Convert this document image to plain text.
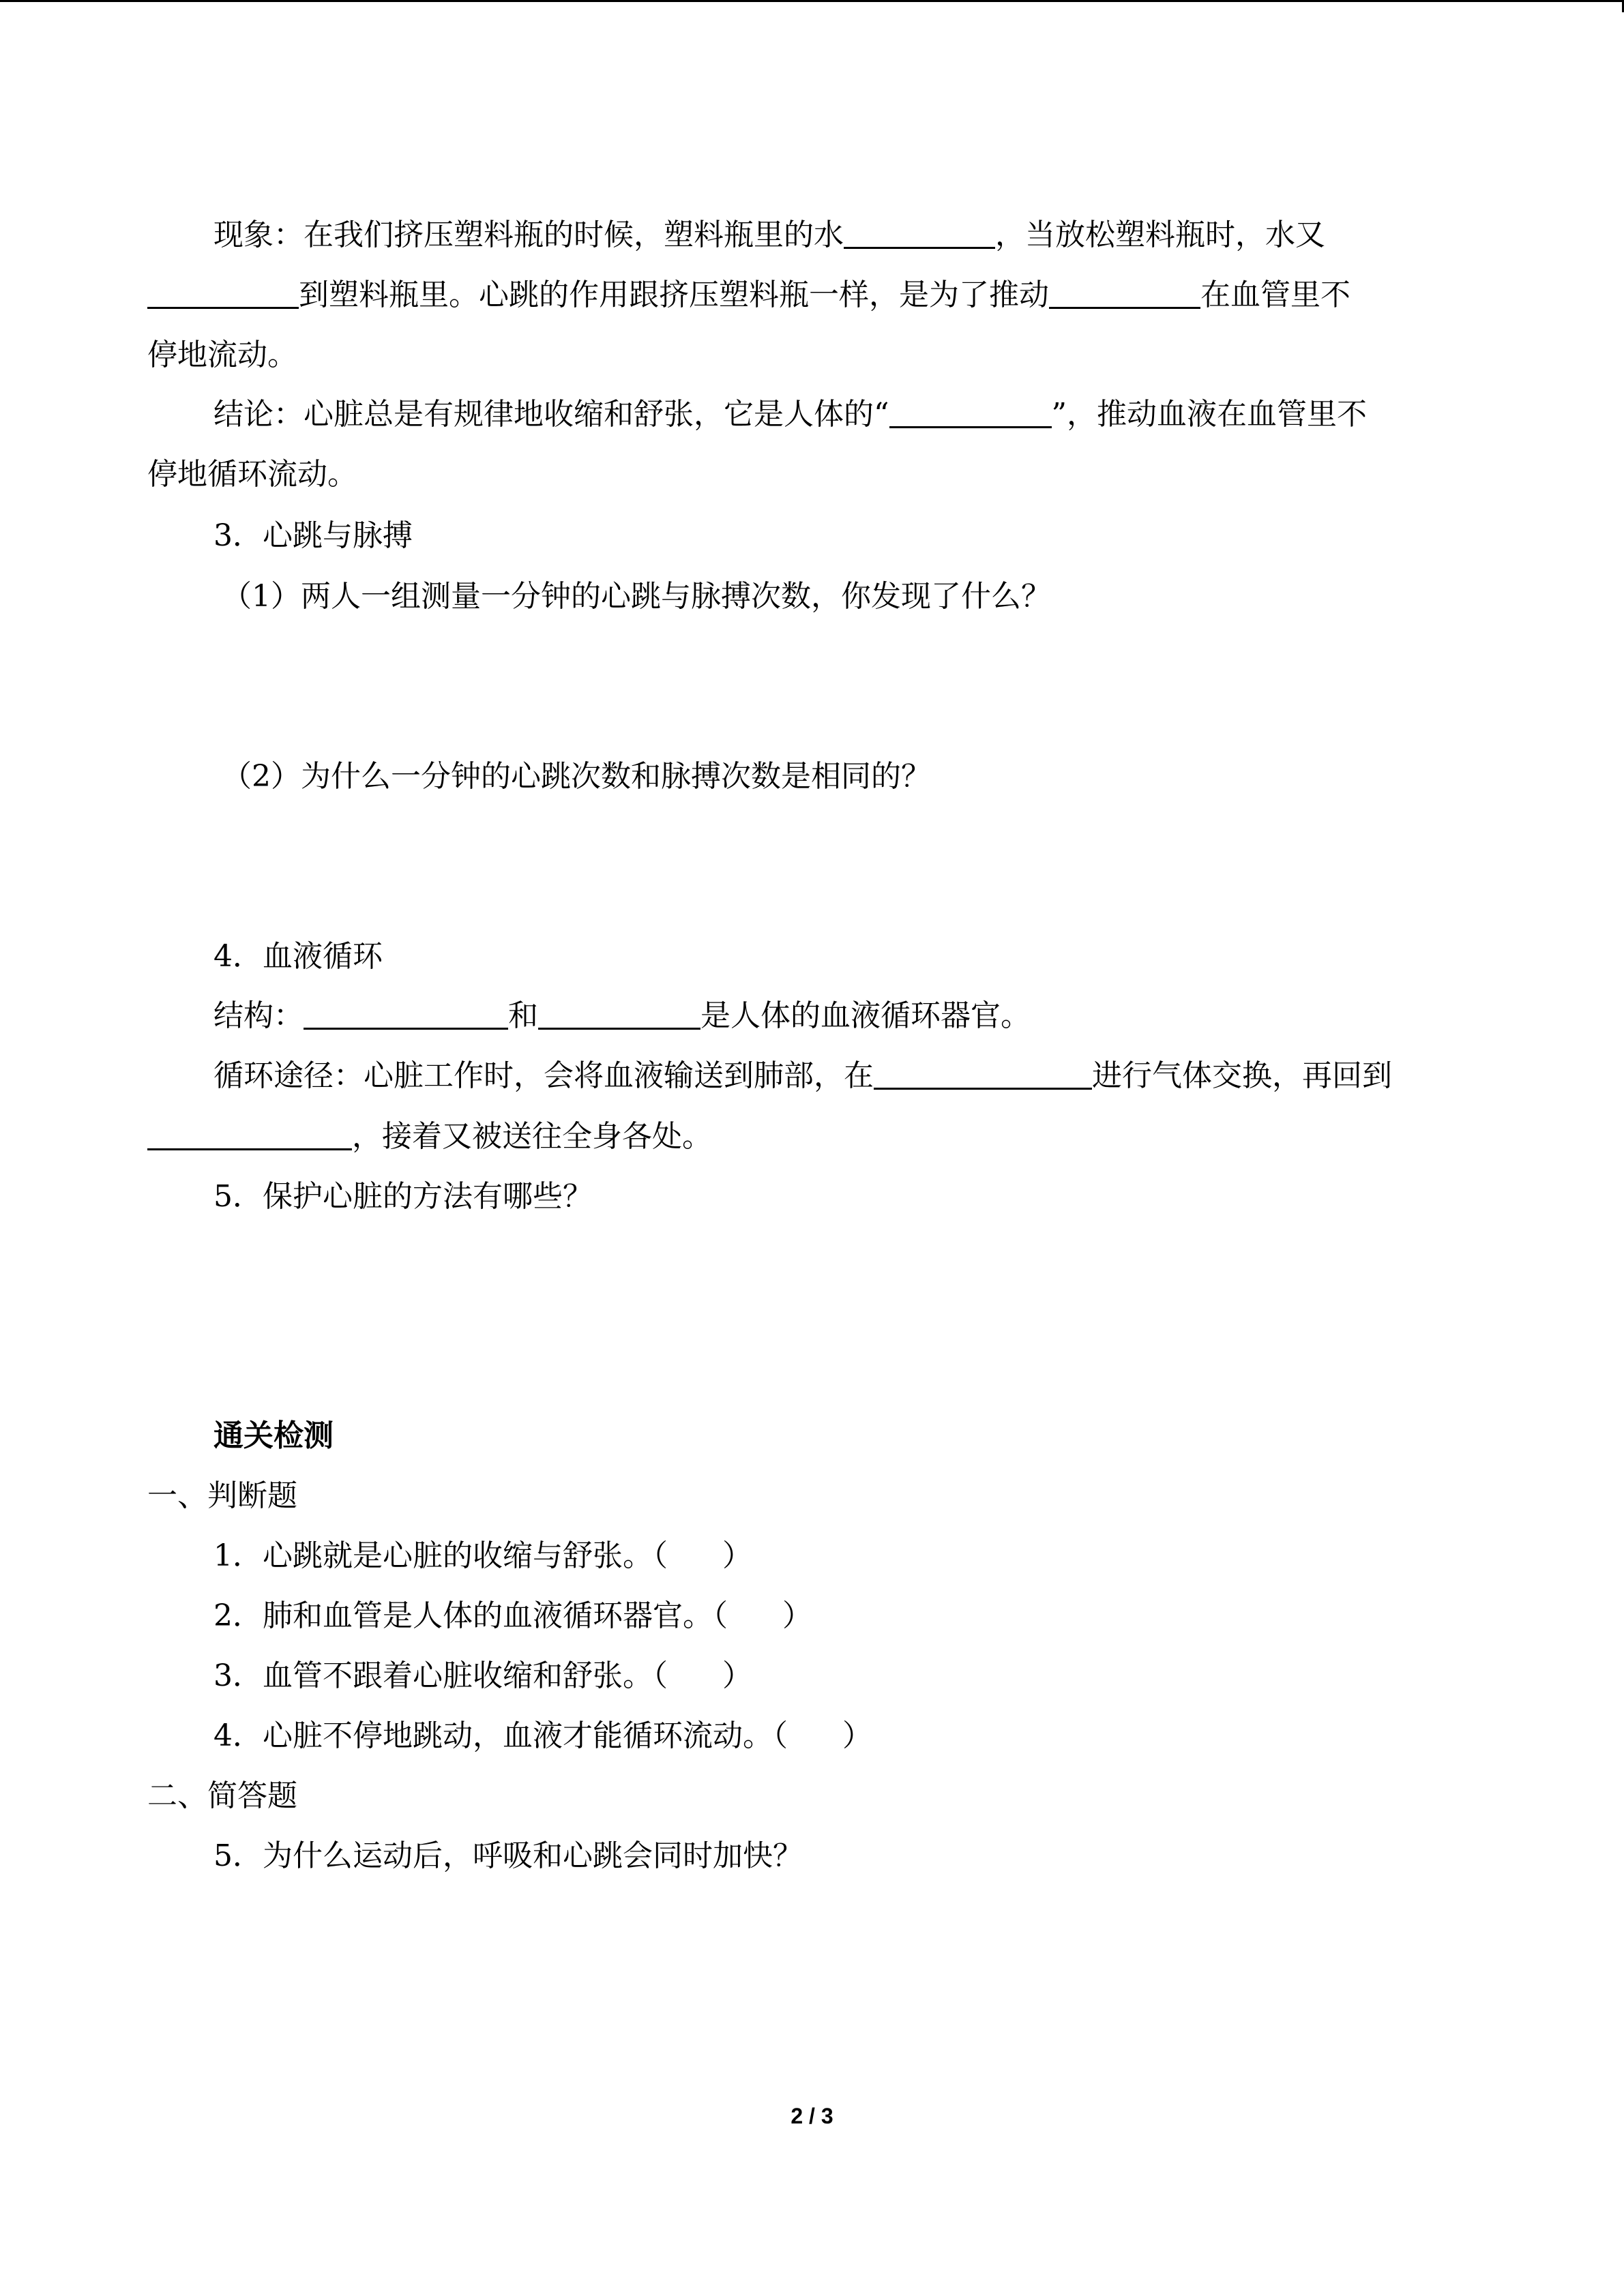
现象：在我们挤压塑料瓶的时候，塑料瓶里的水	，当放松塑料瓶时，水又
到塑料瓶里。心跳的作用跟挤压塑料瓶一样，是为了推动	在血管里不
停地流动。
结论：心脏总是有规律地收缩和舒张，它是人体的“	”，推动血液在血管里不
停地循环流动。
3．心跳与脉搏
（1）两人一组测量一分钟的心跳与脉搏次数，你发现了什么？
（2）为什么一分钟的心跳次数和脉搏次数是相同的？
4．血液循环
结构：	和	是人体的血液循环器官。
循环途径：心脏工作时，会将血液输送到肺部，在	进行气体交换，再回到
，接着又被送往全身各处。
5．保护心脏的方法有哪些？
通关检测
一、判断题
1．心跳就是心脏的收缩与舒张。（ ）
2．肺和血管是人体的血液循环器官。（ ）
3．血管不跟着心脏收缩和舒张。（ ）
4．心脏不停地跳动，血液才能循环流动。（ ）
二、简答题
5．为什么运动后，呼吸和心跳会同时加快？
2 / 3
